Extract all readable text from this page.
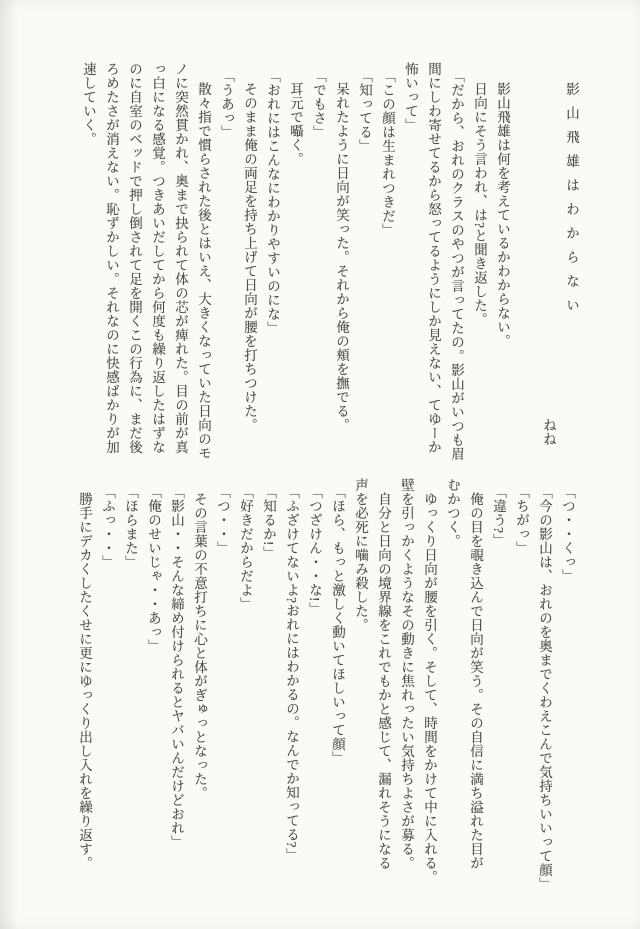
影山飛雄はわからない
ねね
影山飛雄は何を考えているかわからない。
日向にそう言われ、は?と聞き返した。
「だから、おれのクラスのやつが言ってたの。影山がいつも眉
間にしわ寄せてるから怒ってるようにしか見えない、てゆーか
怖いって」
「この顔は生まれつきだ」
「知ってる」
呆れたように日向が笑った。それから俺の頬を撫でる。
「でもさ」
耳元で囁く。
「おれにはこんなにわかりやすいのにな」
そのまま俺の両足を持ち上げて日向が腰を打ちつけた。
「うあっ」
散々指で慣らされた後とはいえ、大きくなっていた日向のモ
ノに突然貫かれ、奥まで抉られて体の芯が痺れた。目の前が真
っ白になる感覚。つきあいだしてから何度も繰り返したはずな
のに自室のベッドで押し倒されて足を開くこの行為に、まだ後
ろめたさが消えない。恥ずかしい。それなのに快感ばかりが加
速していく。
「つ・・くっ」
「今の影山は、おれのを奥までくわえこんで気持ちいいって顔」
「ちがっ」
「違う?」
俺の目を覗き込んで日向が笑う。その自信に満ち溢れた目が
むかつく。
ゆっくり日向が腰を引く。そして、時間をかけて中に入れる。
壁を引っかくようなその動きに焦れったい気持ちよさが募る。
自分と日向の境界線をこれでもかと感じて、漏れそうになる
声を必死に噛み殺した。
「ほら、もっと激しく動いてほしいって顔」
「つざけん・・な!」
「ふざけてないよ?おれにはわかるの。なんでか知ってる?」
「知るか!」
「好きだからだよ」
「つ・・」
その言葉の不意打ちに心と体がぎゅっとなった。
「影山・・そんな締め付けられるとヤバいんだけどおれ」
「俺のせいじゃ・・あっ」
「ほらまた」
「ふっ・・」
勝手にデカくしたくせに更にゆっくり出し入れを繰り返す。
